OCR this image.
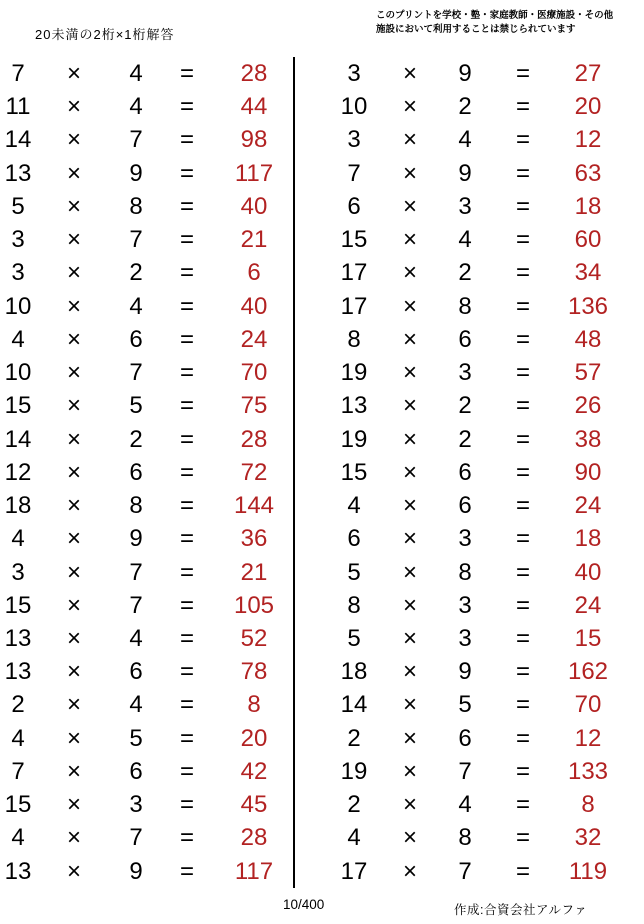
20未満の2桁×1桁解答
このプリントを学校・塾・家庭教師・医療施設・その他
施設において利用することは禁じられています
7	×	4	=	28
11	×	4	=	44
14	×	7	=	98
13	×	9	=	117
5	×	8	=	40
3	×	7	=	21
3	×	2	=	6
10	×	4	=	40
4	×	6	=	24
10	×	7	=	70
15	×	5	=	75
14	×	2	=	28
12	×	6	=	72
18	×	8	=	144
4	×	9	=	36
3	×	7	=	21
15	×	7	=	105
13	×	4	=	52
13	×	6	=	78
2	×	4	=	8
4	×	5	=	20
7	×	6	=	42
15	×	3	=	45
4	×	7	=	28
13	×	9	=	117
3	×	9	=	27
10	×	2	=	20
3	×	4	=	12
7	×	9	=	63
6	×	3	=	18
15	×	4	=	60
17	×	2	=	34
17	×	8	=	136
8	×	6	=	48
19	×	3	=	57
13	×	2	=	26
19	×	2	=	38
15	×	6	=	90
4	×	6	=	24
6	×	3	=	18
5	×	8	=	40
8	×	3	=	24
5	×	3	=	15
18	×	9	=	162
14	×	5	=	70
2	×	6	=	12
19	×	7	=	133
2	×	4	=	8
4	×	8	=	32
17	×	7	=	119
10/400	作成:合資会社アルファ
